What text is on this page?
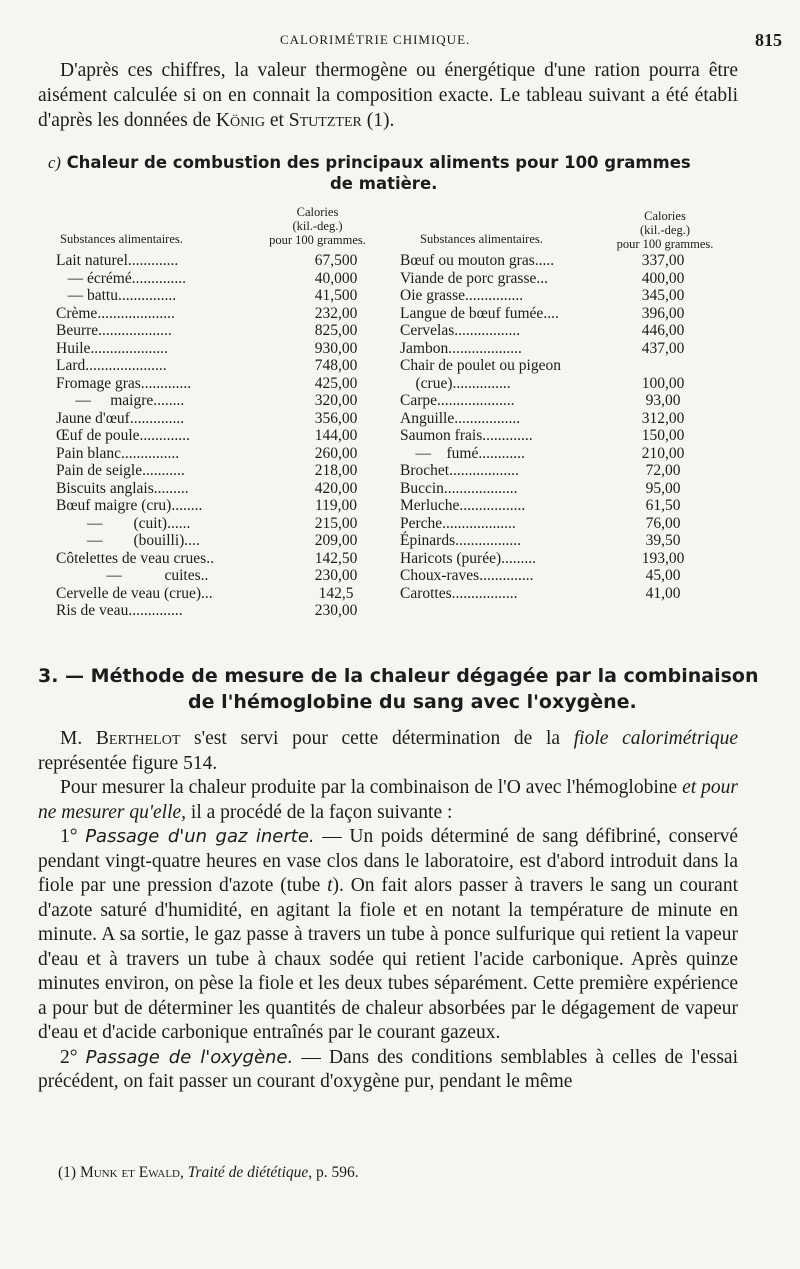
CALORIMÉTRIE CHIMIQUE.	815
D'après ces chiffres, la valeur thermogène ou énergétique d'une ration pourra être aisément calculée si on en connait la composition exacte. Le tableau suivant a été établi d'après les données de König et Stutzter (1).
c) Chaleur de combustion des principaux aliments pour 100 grammes
de matière.
Substances alimentaires.
Calories
(kil.-deg.)
pour 100 grammes.	Substances alimentaires.
Calories
(kil.-deg.)
pour 100 grammes.
Lait naturel.............	67,500
— écrémé..............	40,000
— battu...............	41,500
Crème....................	232,00
Beurre...................	825,00
Huile....................	930,00
Lard.....................	748,00
Fromage gras.............	425,00
—     maigre........	320,00
Jaune d'œuf..............	356,00
Œuf de poule.............	144,00
Pain blanc...............	260,00
Pain de seigle...........	218,00
Biscuits anglais.........	420,00
Bœuf maigre (cru)........	119,00
—        (cuit)......	215,00
—        (bouilli)....	209,00
Côtelettes de veau crues..	142,50
—           cuites..	230,00
Cervelle de veau (crue)...	142,5
Ris de veau..............	230,00
Bœuf ou mouton gras.....	337,00
Viande de porc grasse...	400,00
Oie grasse...............	345,00
Langue de bœuf fumée....	396,00
Cervelas.................	446,00
Jambon...................	437,00
Chair de poulet ou pigeon
(crue)...............	100,00
Carpe....................	93,00
Anguille.................	312,00
Saumon frais.............	150,00
—    fumé............	210,00
Brochet..................	72,00
Buccin...................	95,00
Merluche.................	61,50
Perche...................	76,00
Épinards.................	39,50
Haricots (purée).........	193,00
Choux-raves..............	45,00
Carottes.................	41,00
3. — Méthode de mesure de la chaleur dégagée par la combinaison
de l'hémoglobine du sang avec l'oxygène.

M. Berthelot s'est servi pour cette détermination de la fiole calorimétrique représentée figure 514.

Pour mesurer la chaleur produite par la combinaison de l'O avec l'hémoglobine et pour ne mesurer qu'elle, il a procédé de la façon suivante :

1° Passage d'un gaz inerte. — Un poids déterminé de sang défibriné, conservé pendant vingt-quatre heures en vase clos dans le laboratoire, est d'abord introduit dans la fiole par une pression d'azote (tube t). On fait alors passer à travers le sang un courant d'azote saturé d'humidité, en agitant la fiole et en notant la température de minute en minute. A sa sortie, le gaz passe à travers un tube à ponce sulfurique qui retient la vapeur d'eau et à travers un tube à chaux sodée qui retient l'acide carbonique. Après quinze minutes environ, on pèse la fiole et les deux tubes séparément. Cette première expérience a pour but de déterminer les quantités de chaleur absorbées par le dégagement de vapeur d'eau et d'acide carbonique entraînés par le courant gazeux.

2° Passage de l'oxygène. — Dans des conditions semblables à celles de l'essai précédent, on fait passer un courant d'oxygène pur, pendant le même

(1) Munk et Ewald, Traité de diététique, p. 596.
